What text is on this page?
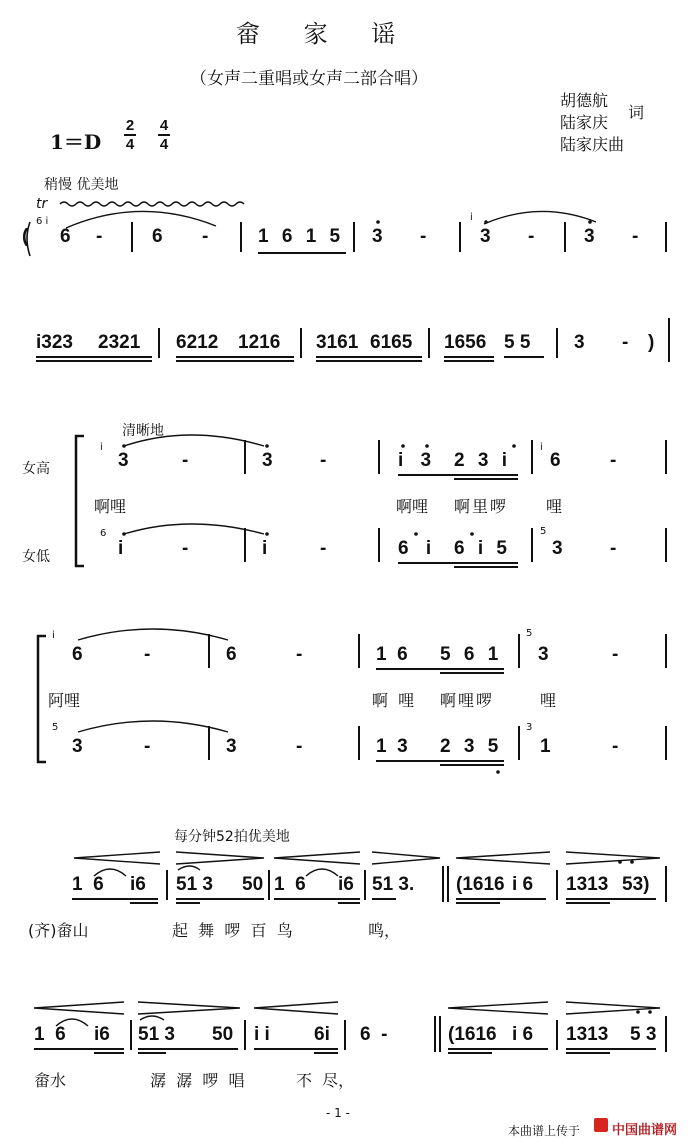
畲 家 谣
（女声二重唱或女声二部合唱）
胡德航
陆家庆
词
陆家庆曲
1＝D
2
4
4
4
稍慢 优美地
tr
6 i	i
( 6 -	6 -	1 6 1 5 3 -	3 -	3 -
i323 2321 6212 1216 3161 6165 1656 5 5 3 - )
清晰地
女高
女低
i	i
6	5
3	-	3 -	i 3 2 3 i 6	-
啊哩	啊哩 啊里啰 哩
i	-	i	-	6 i 6 i 5 3 -
i	5
5	3
6	-	6	-	1  6 5 6 1 3	-
阿哩	啊  哩 啊哩啰	哩
3	-	3	-	1  3 2 3 5 1	-
每分钟52拍优美地
1  6 i6 51 3 50 1  6 i6 51 3. (1616 i 6 1313 53)
(齐)畲山	起  舞  啰  百  鸟	鸣，
1  6 i6 51 3 50 i i 6i 6  -	(1616 i 6 1313 5 3
畲水	潺  潺  啰  唱	不  尽，
- 1 -
本曲谱上传于 中国曲谱网
